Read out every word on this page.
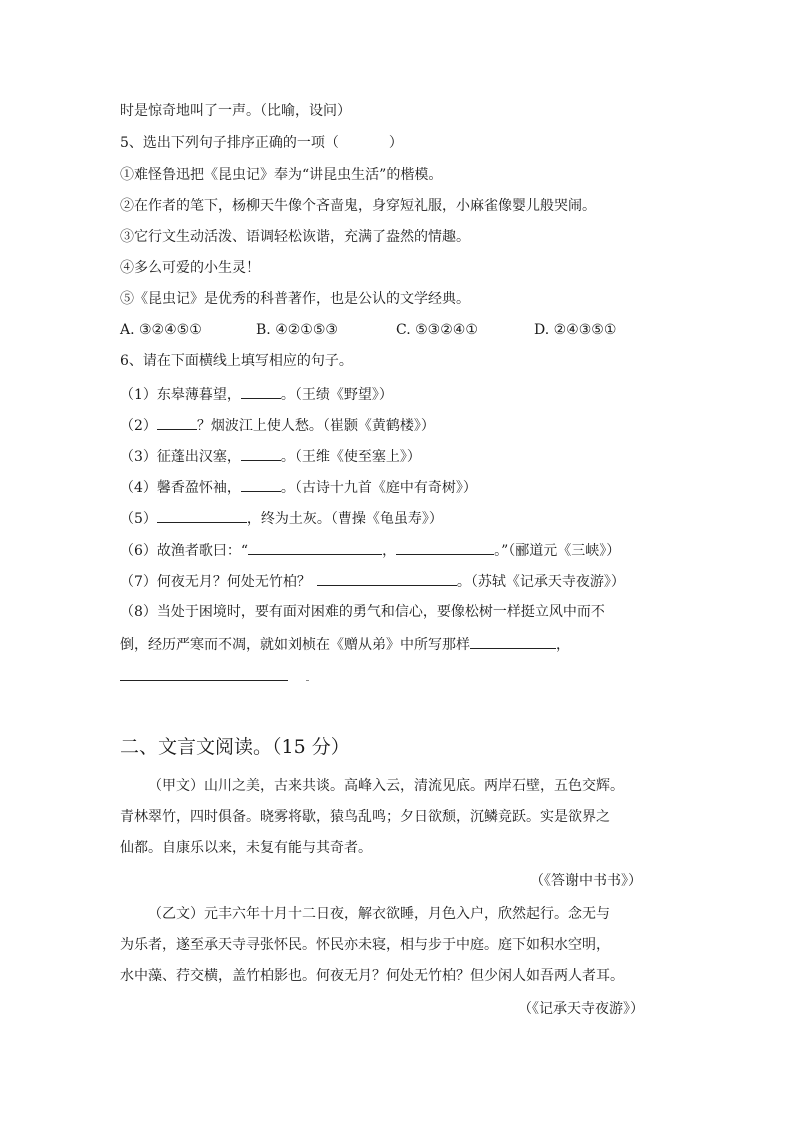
时是惊奇地叫了一声。（比喻，设问）
5、选出下列句子排序正确的一项（	）
①难怪鲁迅把《昆虫记》奉为“讲昆虫生活”的楷模。
②在作者的笔下，杨柳天牛像个吝啬鬼，身穿短礼服，小麻雀像婴儿般哭闹。
③它行文生动活泼、语调轻松诙谐，充满了盎然的情趣。
④多么可爱的小生灵！
⑤《昆虫记》是优秀的科普著作，也是公认的文学经典。
A. ③②④⑤①	B. ④②①⑤③	C. ⑤③②④①	D. ②④③⑤①
6、请在下面横线上填写相应的句子。
（1）东皋薄暮望，	。（王绩《野望》）
（2）	？烟波江上使人愁。（崔颢《黄鹤楼》）
（3）征蓬出汉塞，	。（王维《使至塞上》）
（4）馨香盈怀袖，	。（古诗十九首《庭中有奇树》）
（5）	，终为土灰。（曹操《龟虽寿》）
（6）故渔者歌曰：“	，	。”（郦道元《三峡》）
（7）何夜无月？何处无竹柏？	。（苏轼《记承天寺夜游》）
（8）当处于困境时，要有面对困难的勇气和信心，要像松树一样挺立风中而不
倒，经历严寒而不凋，就如刘桢在《赠从弟》中所写那样	，
二、文言文阅读。（15 分）
（甲文）山川之美，古来共谈。高峰入云，清流见底。两岸石壁，五色交辉。
青林翠竹，四时俱备。晓雾将歇，猿鸟乱鸣；夕日欲颓，沉鳞竞跃。实是欲界之
仙都。自康乐以来，未复有能与其奇者。
（《答谢中书书》）
（乙文）元丰六年十月十二日夜，解衣欲睡，月色入户，欣然起行。念无与
为乐者，遂至承天寺寻张怀民。怀民亦未寝，相与步于中庭。庭下如积水空明，
水中藻、荇交横，盖竹柏影也。何夜无月？何处无竹柏？但少闲人如吾两人者耳。
（《记承天寺夜游》）
